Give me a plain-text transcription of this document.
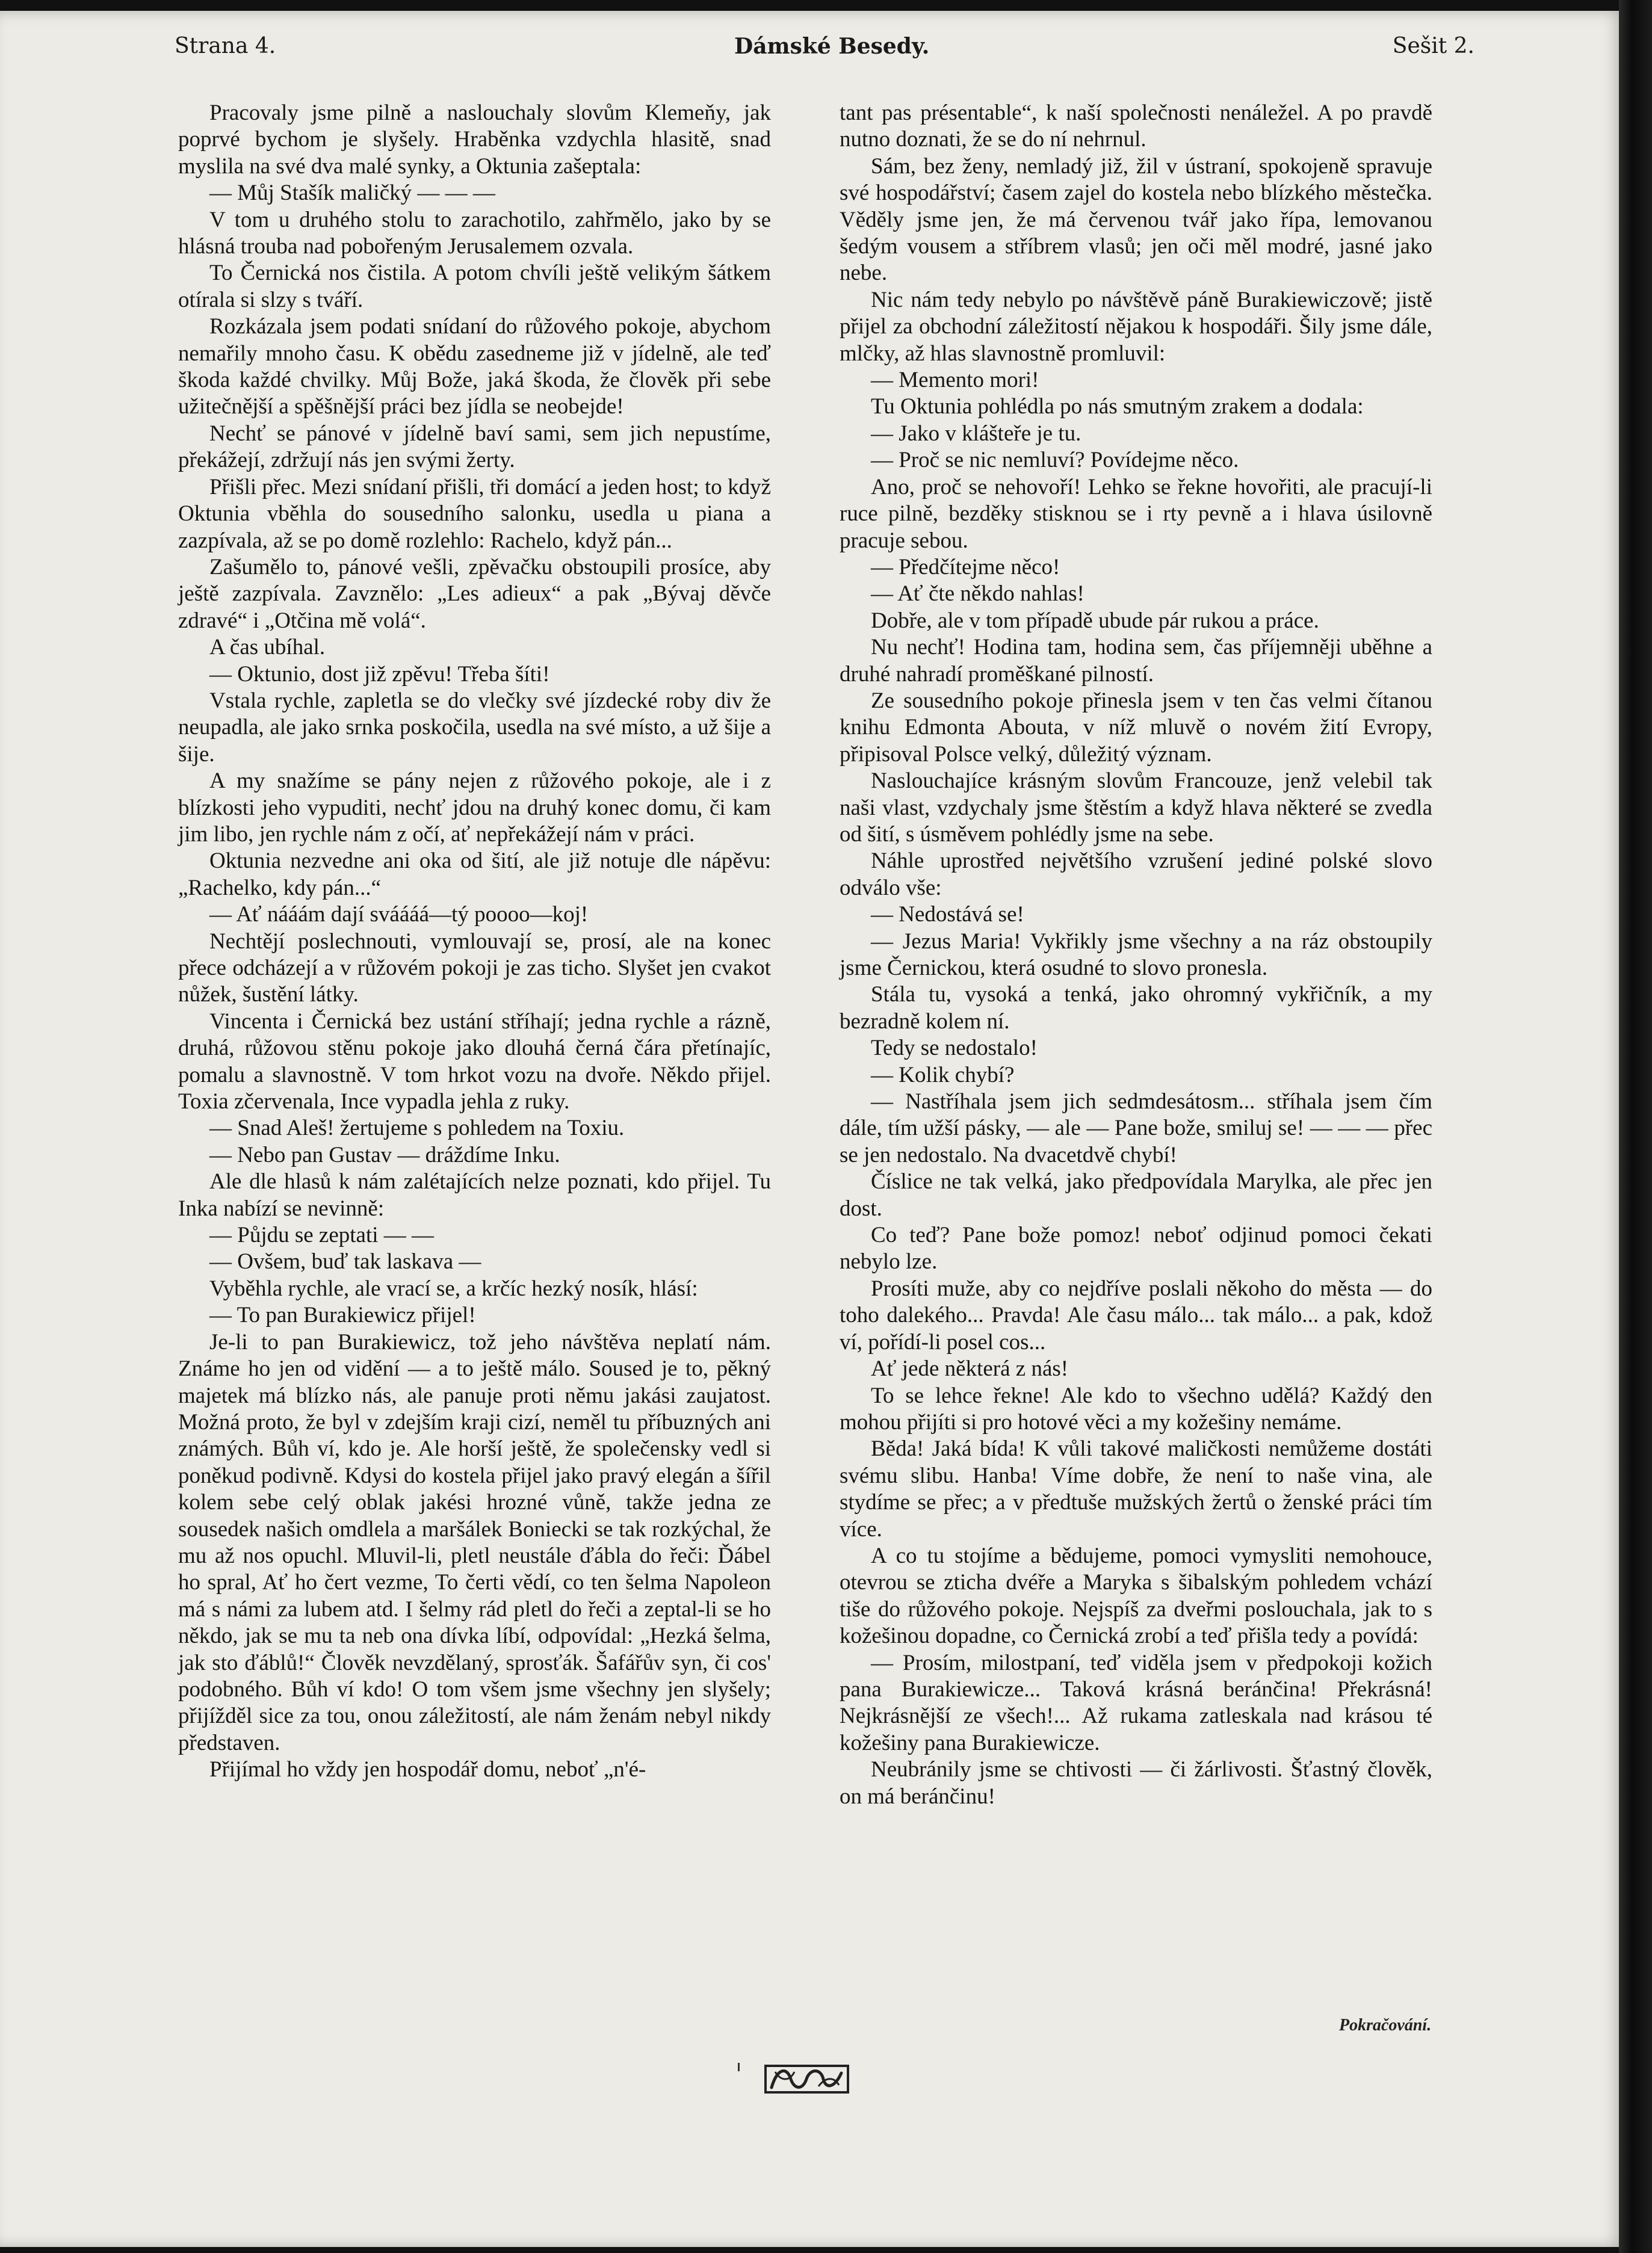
Strana 4.	Dámské Besedy.	Sešit 2.

Pracovaly jsme pilně a naslouchaly slovům Klemeňy, jak poprvé bychom je slyšely. Hraběnka vzdychla hlasitě, snad myslila na své dva malé synky, a Oktunia zašeptala:

— Můj Stašík maličký — — —

V tom u druhého stolu to zarachotilo, zahřmělo, jako by se hlásná trouba nad pobořeným Jerusalemem ozvala.

To Černická nos čistila. A potom chvíli ještě velikým šátkem otírala si slzy s tváří.

Rozkázala jsem podati snídaní do růžového pokoje, abychom nemařily mnoho času. K obědu zasedneme již v jídelně, ale teď škoda každé chvilky. Můj Bože, jaká škoda, že člověk při sebe užitečnější a spěšnější práci bez jídla se neobejde!

Nechť se pánové v jídelně baví sami, sem jich nepustíme, překážejí, zdržují nás jen svými žerty.

Přišli přec. Mezi snídaní přišli, tři domácí a jeden host; to když Oktunia vběhla do sousedního salonku, usedla u piana a zazpívala, až se po domě rozlehlo: Rachelo, když pán...

Zašumělo to, pánové vešli, zpěvačku obstoupili prosíce, aby ještě zazpívala. Zavznělo: „Les adieux“ a pak „Bývaj děvče zdravé“ i „Otčina mě volá“.

A čas ubíhal.

— Oktunio, dost již zpěvu! Třeba šíti!

Vstala rychle, zapletla se do vlečky své jízdecké roby div že neupadla, ale jako srnka poskočila, usedla na své místo, a už šije a šije.

A my snažíme se pány nejen z růžového pokoje, ale i z blízkosti jeho vypuditi, nechť jdou na druhý konec domu, či kam jim libo, jen rychle nám z očí, ať nepřekážejí nám v práci.

Oktunia nezvedne ani oka od šití, ale již notuje dle nápěvu: „Rachelko, kdy pán...“

— Ať nááám dají sváááá—tý poooo—koj!

Nechtějí poslechnouti, vymlouvají se, prosí, ale na konec přece odcházejí a v růžovém pokoji je zas ticho. Slyšet jen cvakot nůžek, šustění látky.

Vincenta i Černická bez ustání stříhají; jedna rychle a rázně, druhá, růžovou stěnu pokoje jako dlouhá černá čára přetínajíc, pomalu a slavnostně. V tom hrkot vozu na dvoře. Někdo přijel. Toxia zčervenala, Ince vypadla jehla z ruky.

— Snad Aleš! žertujeme s pohledem na Toxiu.

— Nebo pan Gustav — dráždíme Inku.

Ale dle hlasů k nám zalétajících nelze poznati, kdo přijel. Tu Inka nabízí se nevinně:

— Půjdu se zeptati — —

— Ovšem, buď tak laskava —

Vyběhla rychle, ale vrací se, a krčíc hezký nosík, hlásí:

— To pan Burakiewicz přijel!

Je-li to pan Burakiewicz, tož jeho návštěva neplatí nám. Známe ho jen od vidění — a to ještě málo. Soused je to, pěkný majetek má blízko nás, ale panuje proti němu jakási zaujatost. Možná proto, že byl v zdejším kraji cizí, neměl tu příbuzných ani známých. Bůh ví, kdo je. Ale horší ještě, že společensky vedl si poněkud podivně. Kdysi do kostela přijel jako pravý elegán a šířil kolem sebe celý oblak jakési hrozné vůně, takže jedna ze sousedek našich omdlela a maršálek Boniecki se tak rozkýchal, že mu až nos opuchl. Mluvil-li, pletl neustále ďábla do řeči: Ďábel ho spral, Ať ho čert vezme, To čerti vědí, co ten šelma Napoleon má s námi za lubem atd. I šelmy rád pletl do řeči a zeptal-li se ho někdo, jak se mu ta neb ona dívka líbí, odpovídal: „Hezká šelma, jak sto ďáblů!“ Člověk nevzdělaný, sprosťák. Šafářův syn, či cos' podobného. Bůh ví kdo! O tom všem jsme všechny jen slyšely; přijížděl sice za tou, onou záležitostí, ale nám ženám nebyl nikdy představen.

Přijímal ho vždy jen hospodář domu, neboť „n'é-

tant pas présentable“, k naší společnosti nenáležel. A po pravdě nutno doznati, že se do ní nehrnul.

Sám, bez ženy, nemladý již, žil v ústraní, spokojeně spravuje své hospodářství; časem zajel do kostela nebo blízkého městečka. Věděly jsme jen, že má červenou tvář jako řípa, lemovanou šedým vousem a stříbrem vlasů; jen oči měl modré, jasné jako nebe.

Nic nám tedy nebylo po návštěvě páně Burakiewiczově; jistě přijel za obchodní záležitostí nějakou k hospodáři. Šily jsme dále, mlčky, až hlas slavnostně promluvil:

— Memento mori!

Tu Oktunia pohlédla po nás smutným zrakem a dodala:

— Jako v klášteře je tu.

— Proč se nic nemluví? Povídejme něco.

Ano, proč se nehovoří! Lehko se řekne hovořiti, ale pracují-li ruce pilně, bezděky stisknou se i rty pevně a i hlava úsilovně pracuje sebou.

— Předčítejme něco!

— Ať čte někdo nahlas!

Dobře, ale v tom případě ubude pár rukou a práce.

Nu nechť! Hodina tam, hodina sem, čas příjemněji uběhne a druhé nahradí proměškané pilností.

Ze sousedního pokoje přinesla jsem v ten čas velmi čítanou knihu Edmonta Abouta, v níž mluvě o novém žití Evropy, připisoval Polsce velký, důležitý význam.

Naslouchajíce krásným slovům Francouze, jenž velebil tak naši vlast, vzdychaly jsme štěstím a když hlava některé se zvedla od šití, s úsměvem pohlédly jsme na sebe.

Náhle uprostřed největšího vzrušení jediné polské slovo odválo vše:

— Nedostává se!

— Jezus Maria! Vykřikly jsme všechny a na ráz obstoupily jsme Černickou, která osudné to slovo pronesla.

Stála tu, vysoká a tenká, jako ohromný vykřičník, a my bezradně kolem ní.

Tedy se nedostalo!

— Kolik chybí?

— Nastříhala jsem jich sedmdesátosm... stříhala jsem čím dále, tím užší pásky, — ale — Pane bože, smiluj se! — — — přec se jen nedostalo. Na dvacetdvě chybí!

Číslice ne tak velká, jako předpovídala Marylka, ale přec jen dost.

Co teď? Pane bože pomoz! neboť odjinud pomoci čekati nebylo lze.

Prosíti muže, aby co nejdříve poslali někoho do města — do toho dalekého... Pravda! Ale času málo... tak málo... a pak, kdož ví, pořídí-li posel cos...

Ať jede některá z nás!

To se lehce řekne! Ale kdo to všechno udělá? Každý den mohou přijíti si pro hotové věci a my kožešiny nemáme.

Běda! Jaká bída! K vůli takové maličkosti nemůžeme dostáti svému slibu. Hanba! Víme dobře, že není to naše vina, ale stydíme se přec; a v předtuše mužských žertů o ženské práci tím více.

A co tu stojíme a bědujeme, pomoci vymysliti nemohouce, otevrou se zticha dvéře a Maryka s šibalským pohledem vchází tiše do růžového pokoje. Nejspíš za dveřmi poslouchala, jak to s kožešinou dopadne, co Černická zrobí a teď přišla tedy a povídá:

— Prosím, milostpaní, teď viděla jsem v předpokoji kožich pana Burakiewicze... Taková krásná beránčina! Překrásná! Nejkrásnější ze všech!... Až rukama zatleskala nad krásou té kožešiny pana Burakiewicze.

Neubránily jsme se chtivosti — či žárlivosti. Šťastný člověk, on má beránčinu!

Pokračování.
